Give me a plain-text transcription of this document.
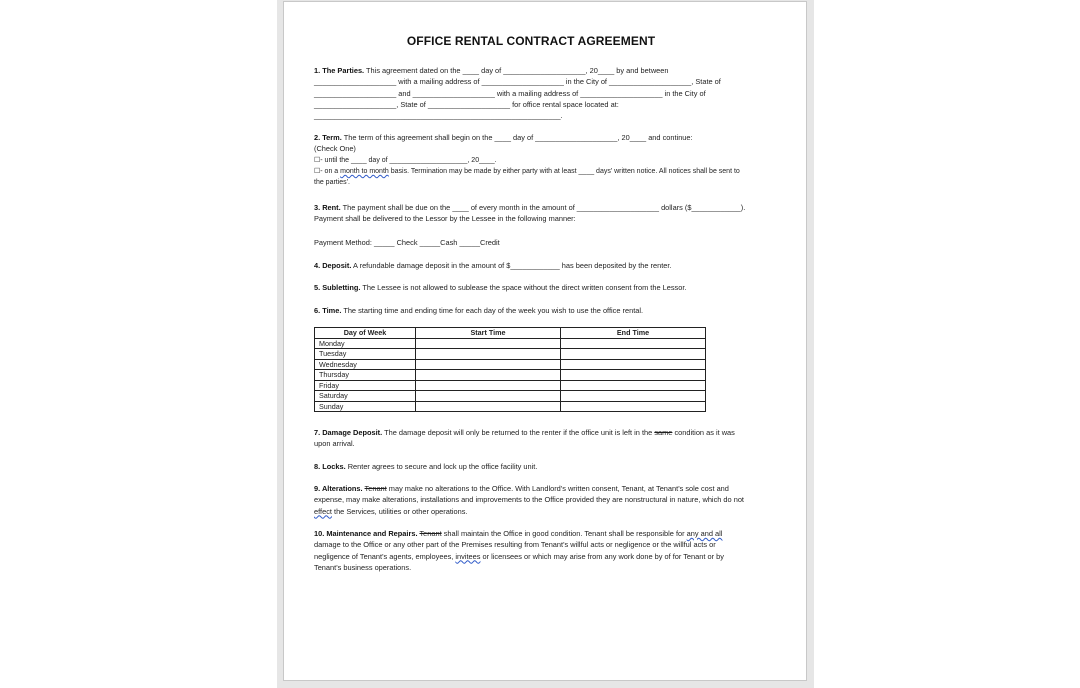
OFFICE RENTAL CONTRACT AGREEMENT

1. The Parties. This agreement dated on the ____ day of ____________________, 20____ by and between ____________________ with a mailing address of ____________________ in the City of ____________________, State of ____________________ and ____________________ with a mailing address of ____________________ in the City of ____________________, State of ____________________ for office rental space located at: ____________________________________________________________.

2. Term. The term of this agreement shall begin on the ____ day of ____________________, 20____ and continue:

(Check One)

☐- until the ____ day of ____________________, 20____.

☐- on a month to month basis. Termination may be made by either party with at least ____ days' written notice. All notices shall be sent to the parties'.

3. Rent. The payment shall be due on the ____ of every month in the amount of ____________________ dollars ($____________). Payment shall be delivered to the Lessor by the Lessee in the following manner:

Payment Method: _____ Check _____Cash _____Credit

4. Deposit. A refundable damage deposit in the amount of $____________ has been deposited by the renter.

5. Subletting. The Lessee is not allowed to sublease the space without the direct written consent from the Lessor.

6. Time. The starting time and ending time for each day of the week you wish to use the office rental.

Day of Week	Start Time	End Time
Monday		
Tuesday		
Wednesday		
Thursday		
Friday		
Saturday		
Sunday		

7. Damage Deposit. The damage deposit will only be returned to the renter if the office unit is left in the same condition as it was upon arrival.

8. Locks. Renter agrees to secure and lock up the office facility unit.

9. Alterations. Tenant may make no alterations to the Office. With Landlord's written consent, Tenant, at Tenant's sole cost and expense, may make alterations, installations and improvements to the Office provided they are nonstructural in nature, which do not effect the Services, utilities or other operations.

10. Maintenance and Repairs. Tenant shall maintain the Office in good condition. Tenant shall be responsible for any and all damage to the Office or any other part of the Premises resulting from Tenant's willful acts or negligence or the willful acts or negligence of Tenant's agents, employees, invitees or licensees or which may arise from any work done by of for Tenant or by Tenant's business operations.
